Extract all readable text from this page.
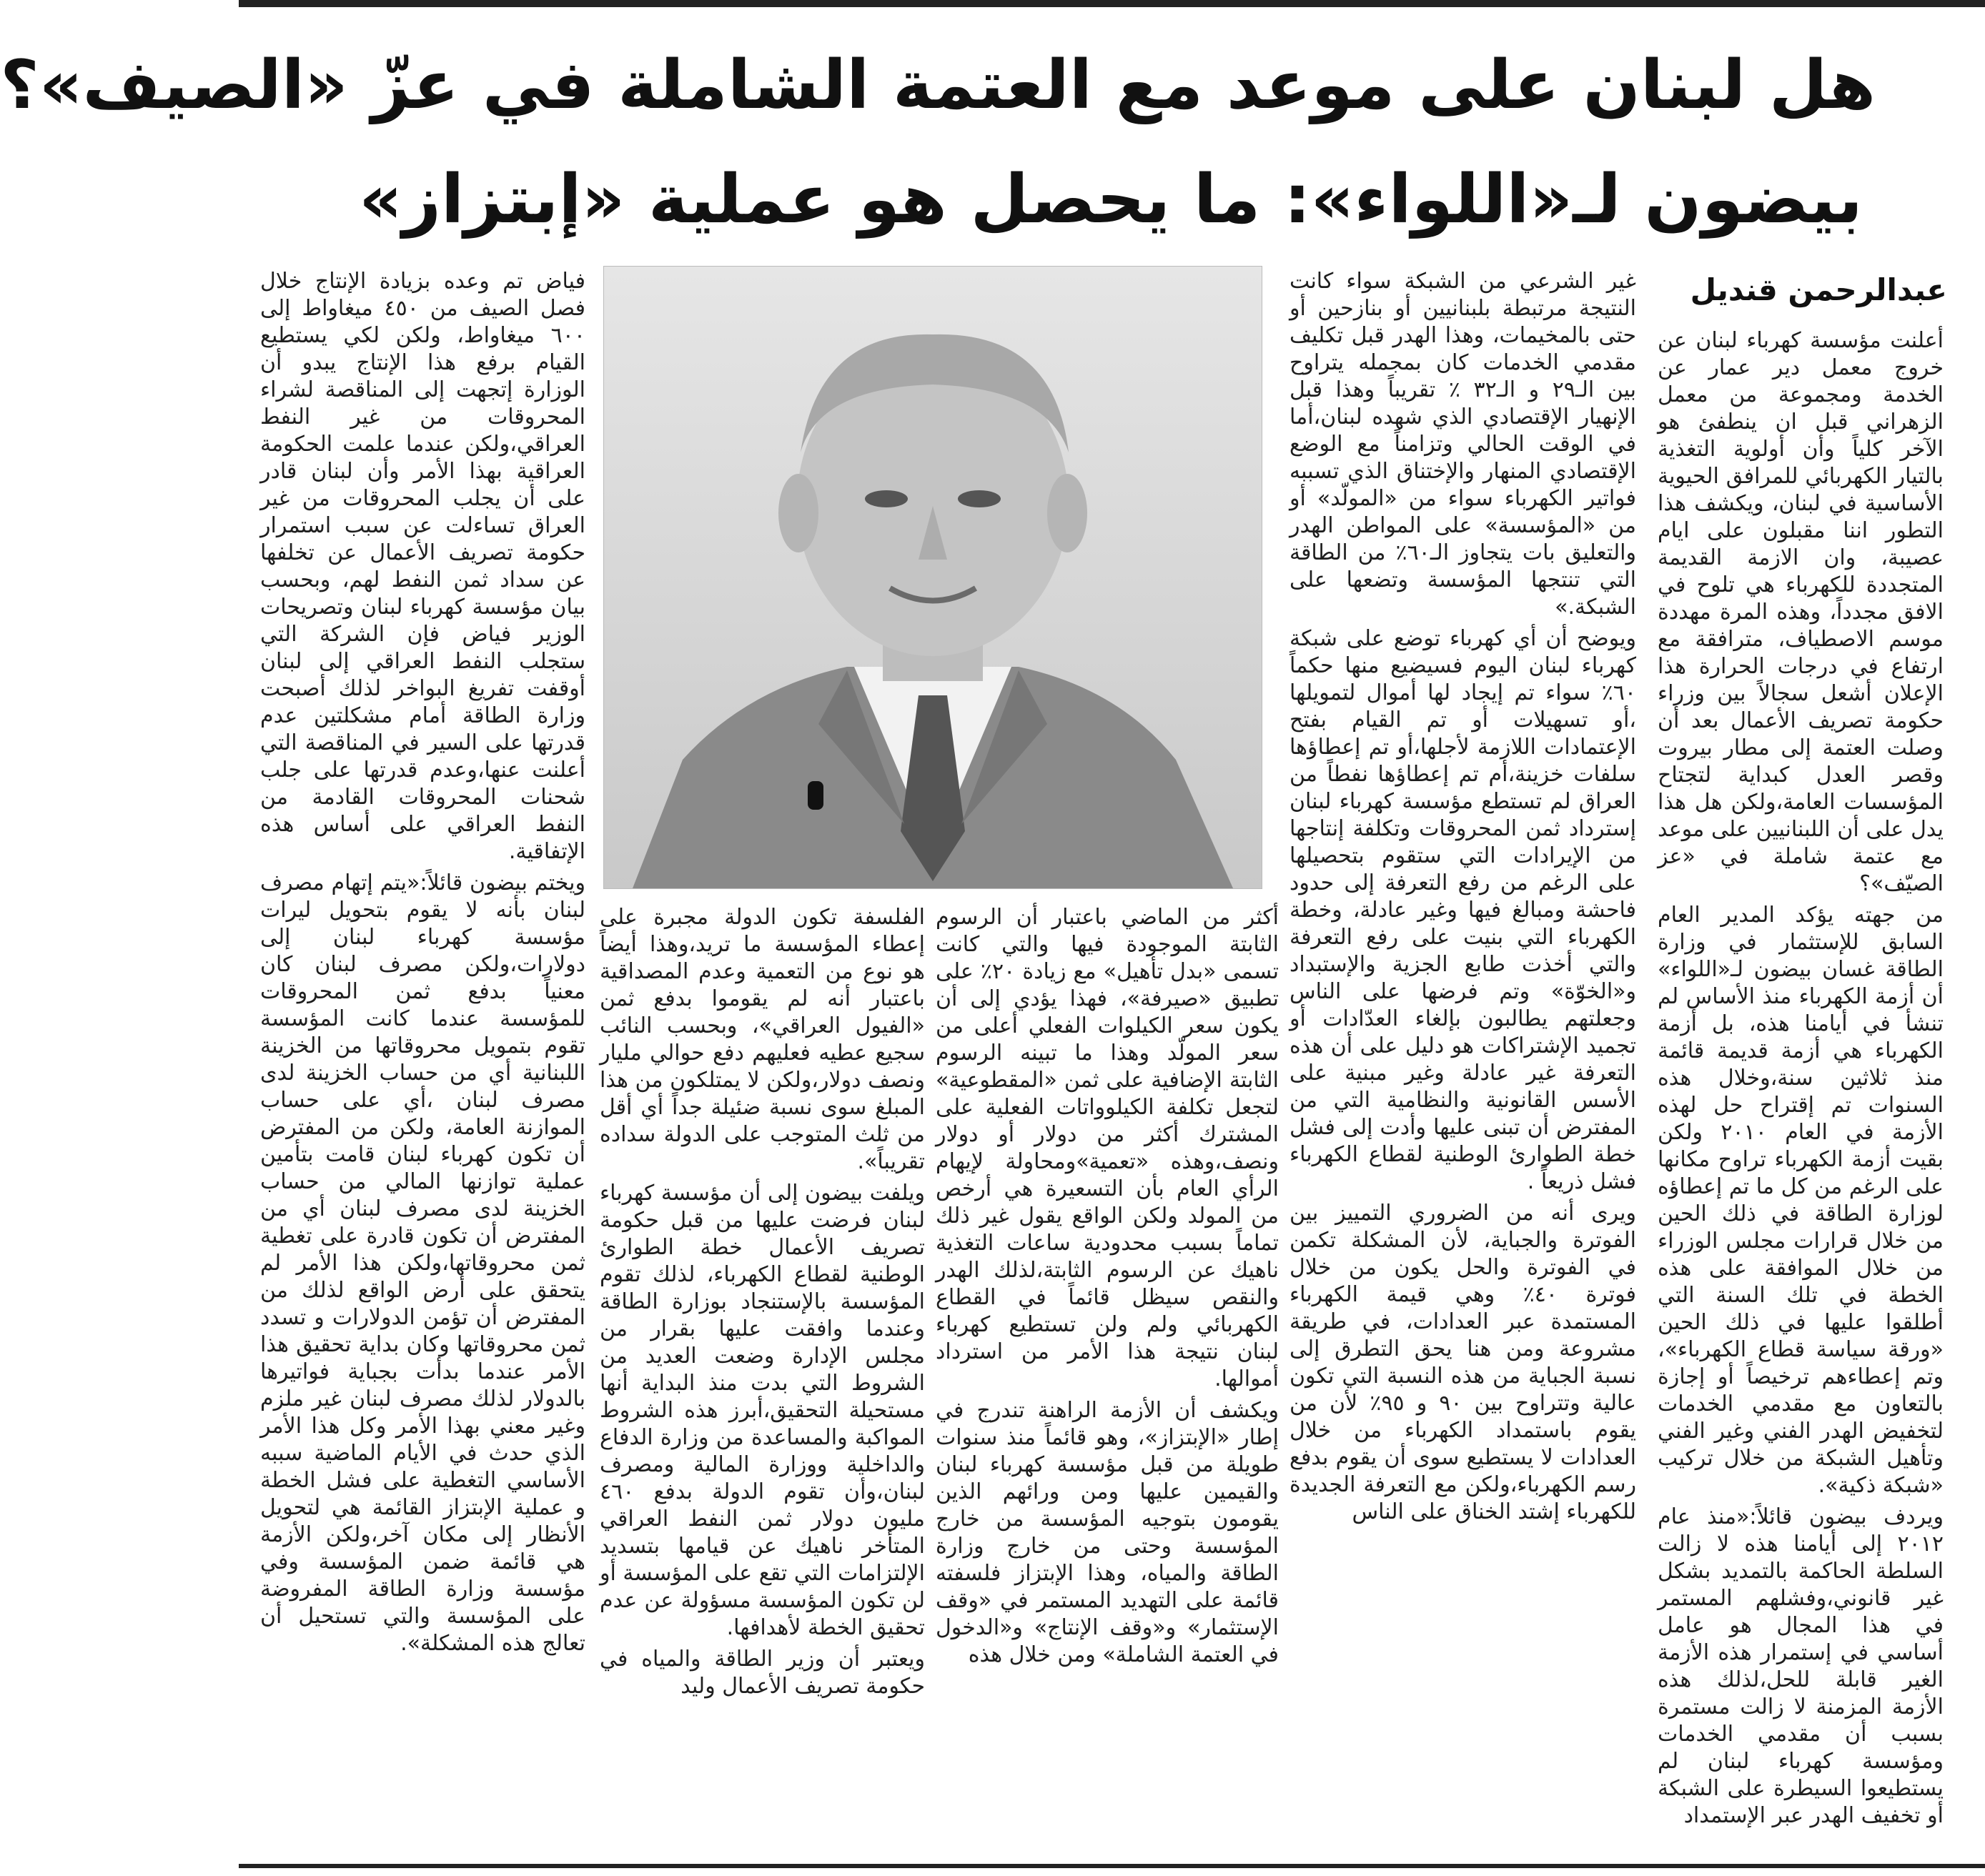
هل لبنان على موعد مع العتمة الشاملة في عزّ «الصيف»؟
بيضون لـ«اللواء»: ما يحصل هو عملية «إبتزاز»
عبدالرحمن قنديل

أعلنت مؤسسة كهرباء لبنان عن خروج معمل دير عمار عن الخدمة ومجموعة من معمل الزهراني قبل ان ينطفئ هو الآخر كلياً وأن أولوية التغذية بالتيار الكهربائي للمرافق الحيوية الأساسية في لبنان، ويكشف هذا التطور اننا مقبلون على ايام عصيبة، وان الازمة القديمة المتجددة للكهرباء هي تلوح في الافق مجدداً، وهذه المرة مهددة موسم الاصطياف، مترافقة مع ارتفاع في درجات الحرارة هذا الإعلان أشعل سجالاً بين وزراء حكومة تصريف الأعمال بعد أن وصلت العتمة إلى مطار بيروت وقصر العدل كبداية لتجتاح المؤسسات العامة،ولكن هل هذا يدل على أن اللبنانيين على موعد مع عتمة شاملة في «عز الصيّف»؟

من جهته يؤكد المدير العام السابق للإستثمار في وزارة الطاقة غسان بيضون لـ«اللواء» أن أزمة الكهرباء منذ الأساس لم تنشأ في أيامنا هذه، بل أزمة الكهرباء هي أزمة قديمة قائمة منذ ثلاثين سنة،وخلال هذه السنوات تم إقتراح حل لهذه الأزمة في العام ٢٠١٠ ولكن بقيت أزمة الكهرباء تراوح مكانها على الرغم من كل ما تم إعطاؤه لوزارة الطاقة في ذلك الحين من خلال قرارات مجلس الوزراء من خلال الموافقة على هذه الخطة في تلك السنة التي أطلقوا عليها في ذلك الحين «ورقة سياسة قطاع الكهرباء»، وتم إعطاءهم ترخيصاً أو إجازة بالتعاون مع مقدمي الخدمات لتخفيض الهدر الفني وغير الفني وتأهيل الشبكة من خلال تركيب «شبكة ذكية».

ويردف بيضون قائلاً:«منذ عام ٢٠١٢ إلى أيامنا هذه لا زالت السلطة الحاكمة بالتمديد بشكل غير قانوني،وفشلهم المستمر في هذا المجال هو عامل أساسي في إستمرار هذه الأزمة الغير قابلة للحل،لذلك هذه الأزمة المزمنة لا زالت مستمرة بسبب أن مقدمي الخدمات ومؤسسة كهرباء لبنان لم يستطيعوا السيطرة على الشبكة أو تخفيف الهدر عبر الإستمداد

غير الشرعي من الشبكة سواء كانت النتيجة مرتبطة بلبنانيين أو بنازحين أو حتى بالمخيمات، وهذا الهدر قبل تكليف مقدمي الخدمات كان بمجمله يتراوح بين الـ٢٩ و الـ٣٢ ٪ تقريباً وهذا قبل الإنهيار الإقتصادي الذي شهده لبنان،أما في الوقت الحالي وتزامناً مع الوضع الإقتصادي المنهار والإختناق الذي تسببه فواتير الكهرباء سواء من «المولّد» أو من «المؤسسة» على المواطن الهدر والتعليق بات يتجاوز الـ٦٠٪ من الطاقة التي تنتجها المؤسسة وتضعها على الشبكة.»

ويوضح أن أي كهرباء توضع على شبكة كهرباء لبنان اليوم فسيضيع منها حكماً ٦٠٪ سواء تم إيجاد لها أموال لتمويلها ،أو تسهيلات أو تم القيام بفتح الإعتمادات اللازمة لأجلها،أو تم إعطاؤها سلفات خزينة،أم تم إعطاؤها نفطاً من العراق لم تستطع مؤسسة كهرباء لبنان إسترداد ثمن المحروقات وتكلفة إنتاجها من الإيرادات التي ستقوم بتحصيلها على الرغم من رفع التعرفة إلى حدود فاحشة ومبالغ فيها وغير عادلة، وخطة الكهرباء التي بنيت على رفع التعرفة والتي أخذت طابع الجزية والإستبداد و«الخوّة» وتم فرضها على الناس وجعلتهم يطالبون بإلغاء العدّادات أو تجميد الإشتراكات هو دليل على أن هذه التعرفة غير عادلة وغير مبنية على الأسس القانونية والنظامية التي من المفترض أن تبنى عليها وأدت إلى فشل خطة الطوارئ الوطنية لقطاع الكهرباء فشل ذريعاً .

ويرى أنه من الضروري التمييز بين الفوترة والجباية، لأن المشكلة تكمن في الفوترة والحل يكون من خلال فوترة ٤٠٪ وهي قيمة الكهرباء المستمدة عبر العدادات، في طريقة مشروعة ومن هنا يحق التطرق إلى نسبة الجباية من هذه النسبة التي تكون عالية وتتراوح بين ٩٠ و ٩٥٪ لأن من يقوم باستمداد الكهرباء من خلال العدادات لا يستطيع سوى أن يقوم بدفع رسم الكهرباء،ولكن مع التعرفة الجديدة للكهرباء إشتد الخناق على الناس

أكثر من الماضي باعتبار أن الرسوم الثابتة الموجودة فيها والتي كانت تسمى «بدل تأهيل» مع زيادة ٢٠٪ على تطبيق «صيرفة»، فهذا يؤدي إلى أن يكون سعر الكيلوات الفعلي أعلى من سعر المولّد وهذا ما تبينه الرسوم الثابتة الإضافية على ثمن «المقطوعية» لتجعل تكلفة الكيلوواتات الفعلية على المشترك أكثر من دولار أو دولار ونصف،وهذه «تعمية»ومحاولة لإيهام الرأي العام بأن التسعيرة هي أرخص من المولد ولكن الواقع يقول غير ذلك تماماً بسبب محدودية ساعات التغذية ناهيك عن الرسوم الثابتة،لذلك الهدر والنقص سيظل قائماً في القطاع الكهربائي ولم ولن تستطيع كهرباء لبنان نتيجة هذا الأمر من استرداد أموالها.

ويكشف أن الأزمة الراهنة تندرج في إطار «الإبتزاز»، وهو قائماً منذ سنوات طويلة من قبل مؤسسة كهرباء لبنان والقيمين عليها ومن ورائهم الذين يقومون بتوجيه المؤسسة من خارج المؤسسة وحتى من خارج وزارة الطاقة والمياه، وهذا الإبتزاز فلسفته قائمة على التهديد المستمر في «وقف الإستثمار» و«وقف الإنتاج» و«الدخول في العتمة الشاملة» ومن خلال هذه

الفلسفة تكون الدولة مجبرة على إعطاء المؤسسة ما تريد،وهذا أيضاً هو نوع من التعمية وعدم المصداقية باعتبار أنه لم يقوموا بدفع ثمن «الفيول العراقي»، وبحسب النائب سجيع عطيه فعليهم دفع حوالي مليار ونصف دولار،ولكن لا يمتلكون من هذا المبلغ سوى نسبة ضئيلة جداً أي أقل من ثلث المتوجب على الدولة سداده تقريباً».

ويلفت بيضون إلى أن مؤسسة كهرباء لبنان فرضت عليها من قبل حكومة تصريف الأعمال خطة الطوارئ الوطنية لقطاع الكهرباء، لذلك تقوم المؤسسة بالإستنجاد بوزارة الطاقة وعندما وافقت عليها بقرار من مجلس الإدارة وضعت العديد من الشروط التي بدت منذ البداية أنها مستحيلة التحقيق،أبرز هذه الشروط المواكبة والمساعدة من وزارة الدفاع والداخلية ووزارة المالية ومصرف لبنان،وأن تقوم الدولة بدفع ٤٦٠ مليون دولار ثمن النفط العراقي المتأخر ناهيك عن قيامها بتسديد الإلتزامات التي تقع على المؤسسة أو لن تكون المؤسسة مسؤولة عن عدم تحقيق الخطة لأهدافها.

ويعتبر أن وزير الطاقة والمياه في حكومة تصريف الأعمال وليد

فياض تم وعده بزيادة الإنتاج خلال فصل الصيف من ٤٥٠ ميغاواط إلى ٦٠٠ ميغاواط، ولكن لكي يستطيع القيام برفع هذا الإنتاج يبدو أن الوزارة إتجهت إلى المناقصة لشراء المحروقات من غير النفط العراقي،ولكن عندما علمت الحكومة العراقية بهذا الأمر وأن لبنان قادر على أن يجلب المحروقات من غير العراق تساءلت عن سبب استمرار حكومة تصريف الأعمال عن تخلفها عن سداد ثمن النفط لهم، وبحسب بيان مؤسسة كهرباء لبنان وتصريحات الوزير فياض فإن الشركة التي ستجلب النفط العراقي إلى لبنان أوقفت تفريغ البواخر لذلك أصبحت وزارة الطاقة أمام مشكلتين عدم قدرتها على السير في المناقصة التي أعلنت عنها،وعدم قدرتها على جلب شحنات المحروقات القادمة من النفط العراقي على أساس هذه الإتفاقية.

ويختم بيضون قائلاً:«يتم إتهام مصرف لبنان بأنه لا يقوم بتحويل ليرات مؤسسة كهرباء لبنان إلى دولارات،ولكن مصرف لبنان كان معنياً بدفع ثمن المحروقات للمؤسسة عندما كانت المؤسسة تقوم بتمويل محروقاتها من الخزينة اللبنانية أي من حساب الخزينة لدى مصرف لبنان ،أي على حساب الموازنة العامة، ولكن من المفترض أن تكون كهرباء لبنان قامت بتأمين عملية توازنها المالي من حساب الخزينة لدى مصرف لبنان أي من المفترض أن تكون قادرة على تغطية ثمن محروقاتها،ولكن هذا الأمر لم يتحقق على أرض الواقع لذلك من المفترض أن تؤمن الدولارات و تسدد ثمن محروقاتها وكان بداية تحقيق هذا الأمر عندما بدأت بجباية فواتيرها بالدولار لذلك مصرف لبنان غير ملزم وغير معني بهذا الأمر وكل هذا الأمر الذي حدث في الأيام الماضية سببه الأساسي التغطية على فشل الخطة و عملية الإبتزاز القائمة هي لتحويل الأنظار إلى مكان آخر،ولكن الأزمة هي قائمة ضمن المؤسسة وفي مؤسسة وزارة الطاقة المفروضة على المؤسسة والتي تستحيل أن تعالج هذه المشكلة».
